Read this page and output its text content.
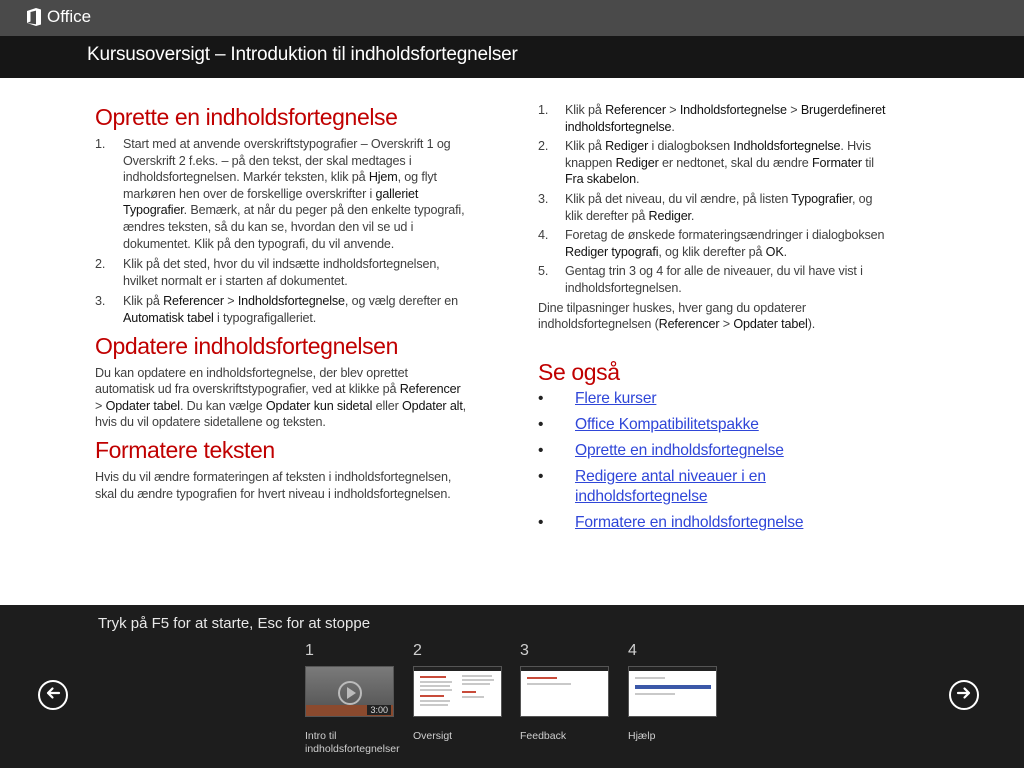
Office
Kursusoversigt – Introduktion til indholdsfortegnelser
Oprette en indholdsfortegnelse
1. Start med at anvende overskriftstypografier – Overskrift 1 og Overskrift 2 f.eks. – på den tekst, der skal medtages i indholdsfortegnelsen. Markér teksten, klik på Hjem, og flyt markøren hen over de forskellige overskrifter i galleriet Typografier. Bemærk, at når du peger på den enkelte typografi, ændres teksten, så du kan se, hvordan den vil se ud i dokumentet. Klik på den typografi, du vil anvende.
2. Klik på det sted, hvor du vil indsætte indholdsfortegnelsen, hvilket normalt er i starten af dokumentet.
3. Klik på Referencer > Indholdsfortegnelse, og vælg derefter en Automatisk tabel i typografigalleriet.
Opdatere indholdsfortegnelsen

Du kan opdatere en indholdsfortegnelse, der blev oprettet automatisk ud fra overskriftstypografier, ved at klikke på Referencer > Opdater tabel. Du kan vælge Opdater kun sidetal eller Opdater alt, hvis du vil opdatere sidetallene og teksten.

Formatere teksten

Hvis du vil ændre formateringen af teksten i indholdsfortegnelsen, skal du ændre typografien for hvert niveau i indholdsfortegnelsen.

1. Klik på Referencer > Indholdsfortegnelse > Brugerdefineret indholdsfortegnelse.
2. Klik på Rediger i dialogboksen Indholdsfortegnelse. Hvis knappen Rediger er nedtonet, skal du ændre Formater til Fra skabelon.
3. Klik på det niveau, du vil ændre, på listen Typografier, og klik derefter på Rediger.
4. Foretag de ønskede formateringsændringer i dialogboksen Rediger typografi, og klik derefter på OK.
5. Gentag trin 3 og 4 for alle de niveauer, du vil have vist i indholdsfortegnelsen.

Dine tilpasninger huskes, hver gang du opdaterer indholdsfortegnelsen (Referencer > Opdater tabel).

Se også
• Flere kurser
• Office Kompatibilitetspakke
• Oprette en indholdsfortegnelse
• Redigere antal niveauer i en indholdsfortegnelse
• Formatere en indholdsfortegnelse
Tryk på F5 for at starte, Esc for at stoppe
1
3:00
Intro til indholdsfortegnelser
2
Oversigt
3
Feedback
4
Hjælp
